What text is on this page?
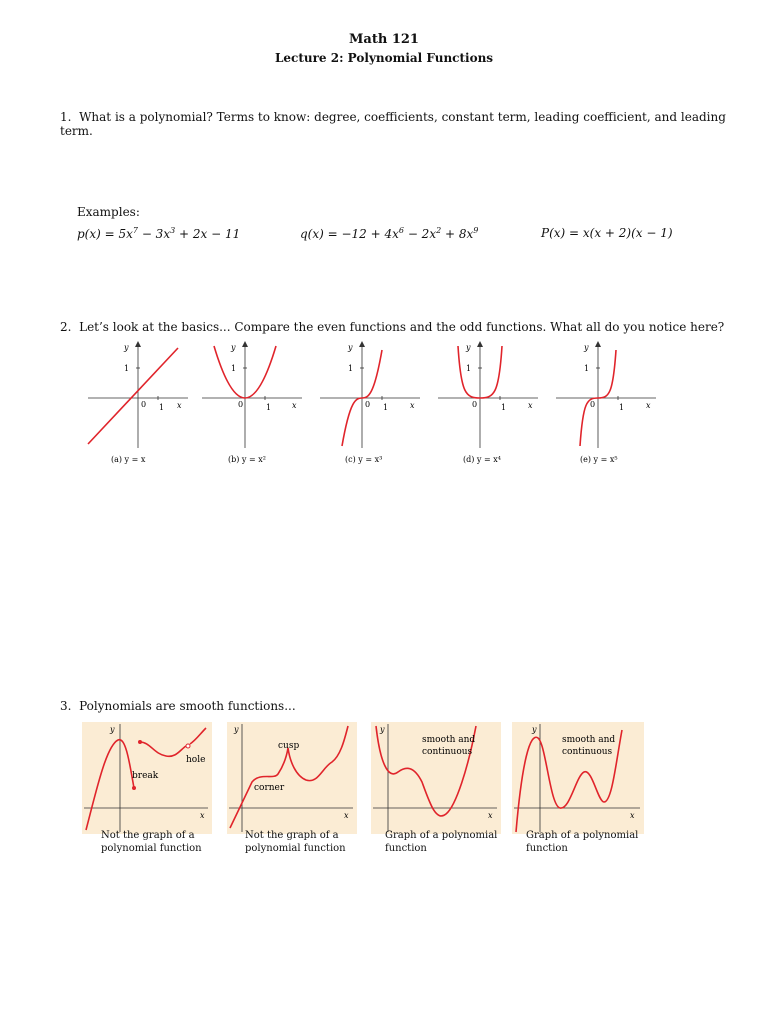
Math 121
Lecture 2: Polynomial Functions
1. What is a polynomial? Terms to know: degree, coefficients, constant term, leading coefficient, and leading term.
Examples:
$p(x) = 5x^7 - 3x^3 + 2x - 11$	$q(x) = -12 + 4x^6 - 2x^2 + 8x^9$	P(x) = x(x + 2)(x − 1)
2. Let’s look at the basics... Compare the even functions and the odd functions. What all do you notice here?
y
1
0 1 x
(a) y = x
y
1
0	1	x
(b) y = x²
y
1
0 1	x
(c) y = x³
y
1
0	1	x
(d) y = x⁴
y
1
0	1	x
(e) y = x⁵
3. Polynomials are smooth functions...
y
x
break
hole
y
x
cusp
corner
y
x
smooth and
continuous
y
x
smooth and
continuous
Not the graph of a
polynomial function
Not the graph of a
polynomial function
Graph of a polynomial
function
Graph of a polynomial
function
